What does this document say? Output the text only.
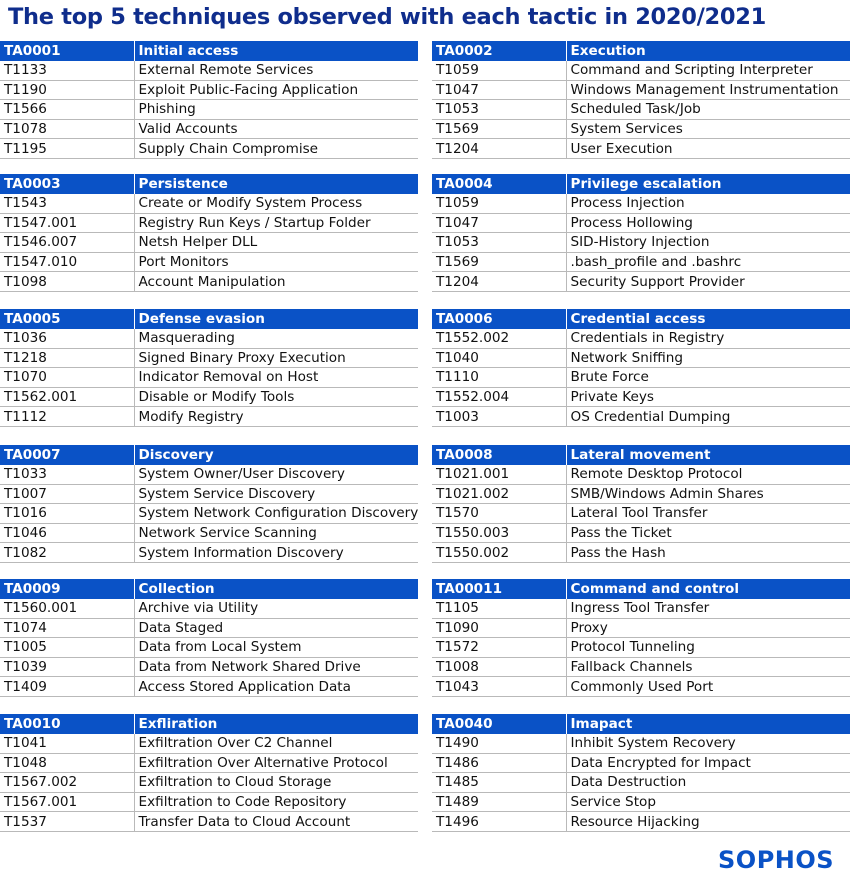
The top 5 techniques observed with each tactic in 2020/2021
TA0001	Initial access
T1133	External Remote Services
T1190	Exploit Public-Facing Application
T1566	Phishing
T1078	Valid Accounts
T1195	Supply Chain Compromise
TA0002	Execution
T1059	Command and Scripting Interpreter
T1047	Windows Management Instrumentation
T1053	Scheduled Task/Job
T1569	System Services
T1204	User Execution
TA0003	Persistence
T1543	Create or Modify System Process
T1547.001	Registry Run Keys / Startup Folder
T1546.007	Netsh Helper DLL
T1547.010	Port Monitors
T1098	Account Manipulation
TA0004	Privilege escalation
T1059	Process Injection
T1047	Process Hollowing
T1053	SID-History Injection
T1569	.bash_profile and .bashrc
T1204	Security Support Provider
TA0005	Defense evasion
T1036	Masquerading
T1218	Signed Binary Proxy Execution
T1070	Indicator Removal on Host
T1562.001	Disable or Modify Tools
T1112	Modify Registry
TA0006	Credential access
T1552.002	Credentials in Registry
T1040	Network Sniffing
T1110	Brute Force
T1552.004	Private Keys
T1003	OS Credential Dumping
TA0007	Discovery
T1033	System Owner/User Discovery
T1007	System Service Discovery
T1016	System Network Configuration Discovery
T1046	Network Service Scanning
T1082	System Information Discovery
TA0008	Lateral movement
T1021.001	Remote Desktop Protocol
T1021.002	SMB/Windows Admin Shares
T1570	Lateral Tool Transfer
T1550.003	Pass the Ticket
T1550.002	Pass the Hash
TA0009	Collection
T1560.001	Archive via Utility
T1074	Data Staged
T1005	Data from Local System
T1039	Data from Network Shared Drive
T1409	Access Stored Application Data
TA00011	Command and control
T1105	Ingress Tool Transfer
T1090	Proxy
T1572	Protocol Tunneling
T1008	Fallback Channels
T1043	Commonly Used Port
TA0010	Exfliration
T1041	Exfiltration Over C2 Channel
T1048	Exfiltration Over Alternative Protocol
T1567.002	Exfiltration to Cloud Storage
T1567.001	Exfiltration to Code Repository
T1537	Transfer Data to Cloud Account
TA0040	Imapact
T1490	Inhibit System Recovery
T1486	Data Encrypted for Impact
T1485	Data Destruction
T1489	Service Stop
T1496	Resource Hijacking
SOPHOS
